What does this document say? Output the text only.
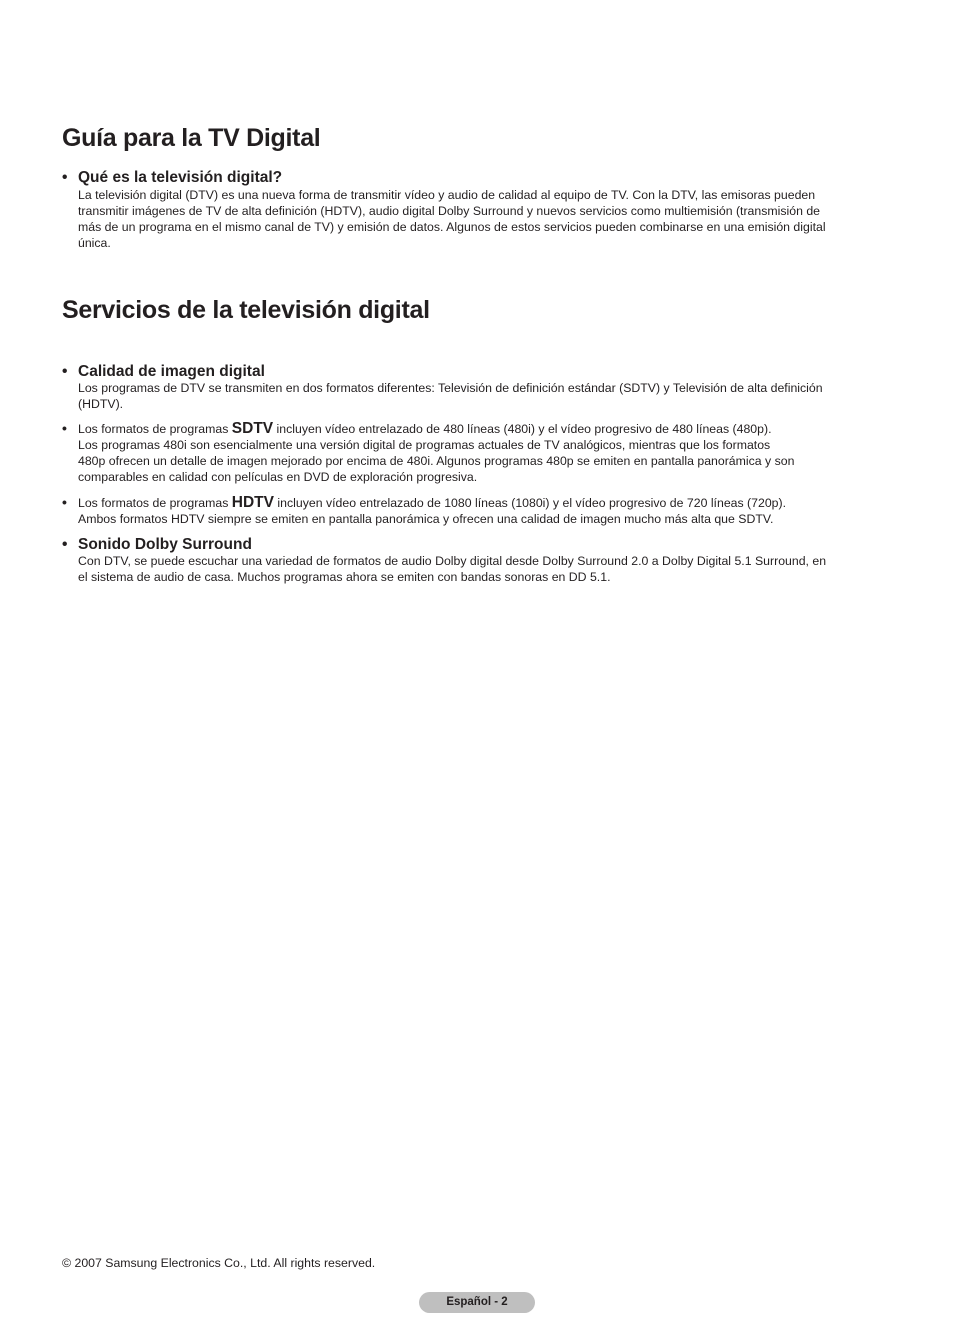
Guía para la TV Digital
• Qué es la televisión digital?
La televisión digital (DTV) es una nueva forma de transmitir vídeo y audio de calidad al equipo de TV. Con la DTV, las emisoras pueden
transmitir imágenes de TV de alta definición (HDTV), audio digital Dolby Surround y nuevos servicios como multiemisión (transmisión de
más de un programa en el mismo canal de TV) y emisión de datos. Algunos de estos servicios pueden combinarse en una emisión digital
única.
Servicios de la televisión digital
• Calidad de imagen digital
Los programas de DTV se transmiten en dos formatos diferentes: Televisión de definición estándar (SDTV) y Televisión de alta definición
(HDTV).
• Los formatos de programas SDTV incluyen vídeo entrelazado de 480 líneas (480i) y el vídeo progresivo de 480 líneas (480p).
Los programas 480i son esencialmente una versión digital de programas actuales de TV analógicos, mientras que los formatos
480p ofrecen un detalle de imagen mejorado por encima de 480i. Algunos programas 480p se emiten en pantalla panorámica y son
comparables en calidad con películas en DVD de exploración progresiva.
• Los formatos de programas HDTV incluyen vídeo entrelazado de 1080 líneas (1080i) y el vídeo progresivo de 720 líneas (720p).
Ambos formatos HDTV siempre se emiten en pantalla panorámica y ofrecen una calidad de imagen mucho más alta que SDTV.
• Sonido Dolby Surround
Con DTV, se puede escuchar una variedad de formatos de audio Dolby digital desde Dolby Surround 2.0 a Dolby Digital 5.1 Surround, en
el sistema de audio de casa. Muchos programas ahora se emiten con bandas sonoras en DD 5.1.
© 2007 Samsung Electronics Co., Ltd. All rights reserved.
Español - 2
